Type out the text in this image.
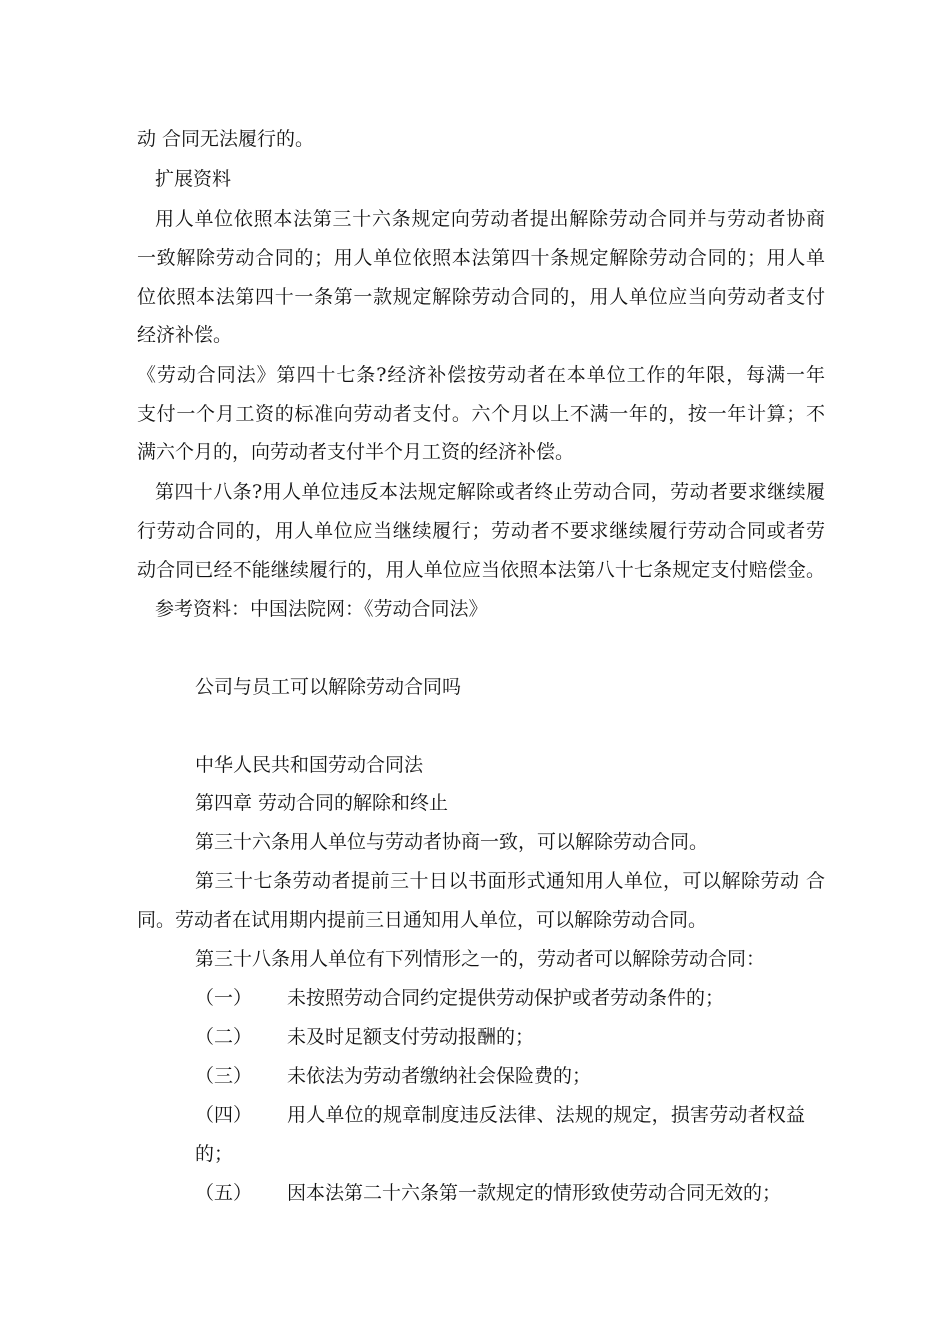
动 合同无法履行的。
扩展资料
用人单位依照本法第三十六条规定向劳动者提出解除劳动合同并与劳动者协商
一致解除劳动合同的；用人单位依照本法第四十条规定解除劳动合同的；用人单
位依照本法第四十一条第一款规定解除劳动合同的，用人单位应当向劳动者支付
经济补偿。
《劳动合同法》第四十七条?经济补偿按劳动者在本单位工作的年限，每满一年
支付一个月工资的标准向劳动者支付。六个月以上不满一年的，按一年计算；不
满六个月的，向劳动者支付半个月工资的经济补偿。
第四十八条?用人单位违反本法规定解除或者终止劳动合同，劳动者要求继续履
行劳动合同的，用人单位应当继续履行；劳动者不要求继续履行劳动合同或者劳
动合同已经不能继续履行的，用人单位应当依照本法第八十七条规定支付赔偿金。
参考资料：中国法院网：《劳动合同法》
公司与员工可以解除劳动合同吗
中华人民共和国劳动合同法
第四章 劳动合同的解除和终止
第三十六条用人单位与劳动者协商一致，可以解除劳动合同。
第三十七条劳动者提前三十日以书面形式通知用人单位，可以解除劳动 合
同。劳动者在试用期内提前三日通知用人单位，可以解除劳动合同。
第三十八条用人单位有下列情形之一的，劳动者可以解除劳动合同：
（一） 未按照劳动合同约定提供劳动保护或者劳动条件的；
（二） 未及时足额支付劳动报酬的；
（三） 未依法为劳动者缴纳社会保险费的；
（四） 用人单位的规章制度违反法律、法规的规定，损害劳动者权益
的；
（五） 因本法第二十六条第一款规定的情形致使劳动合同无效的；
